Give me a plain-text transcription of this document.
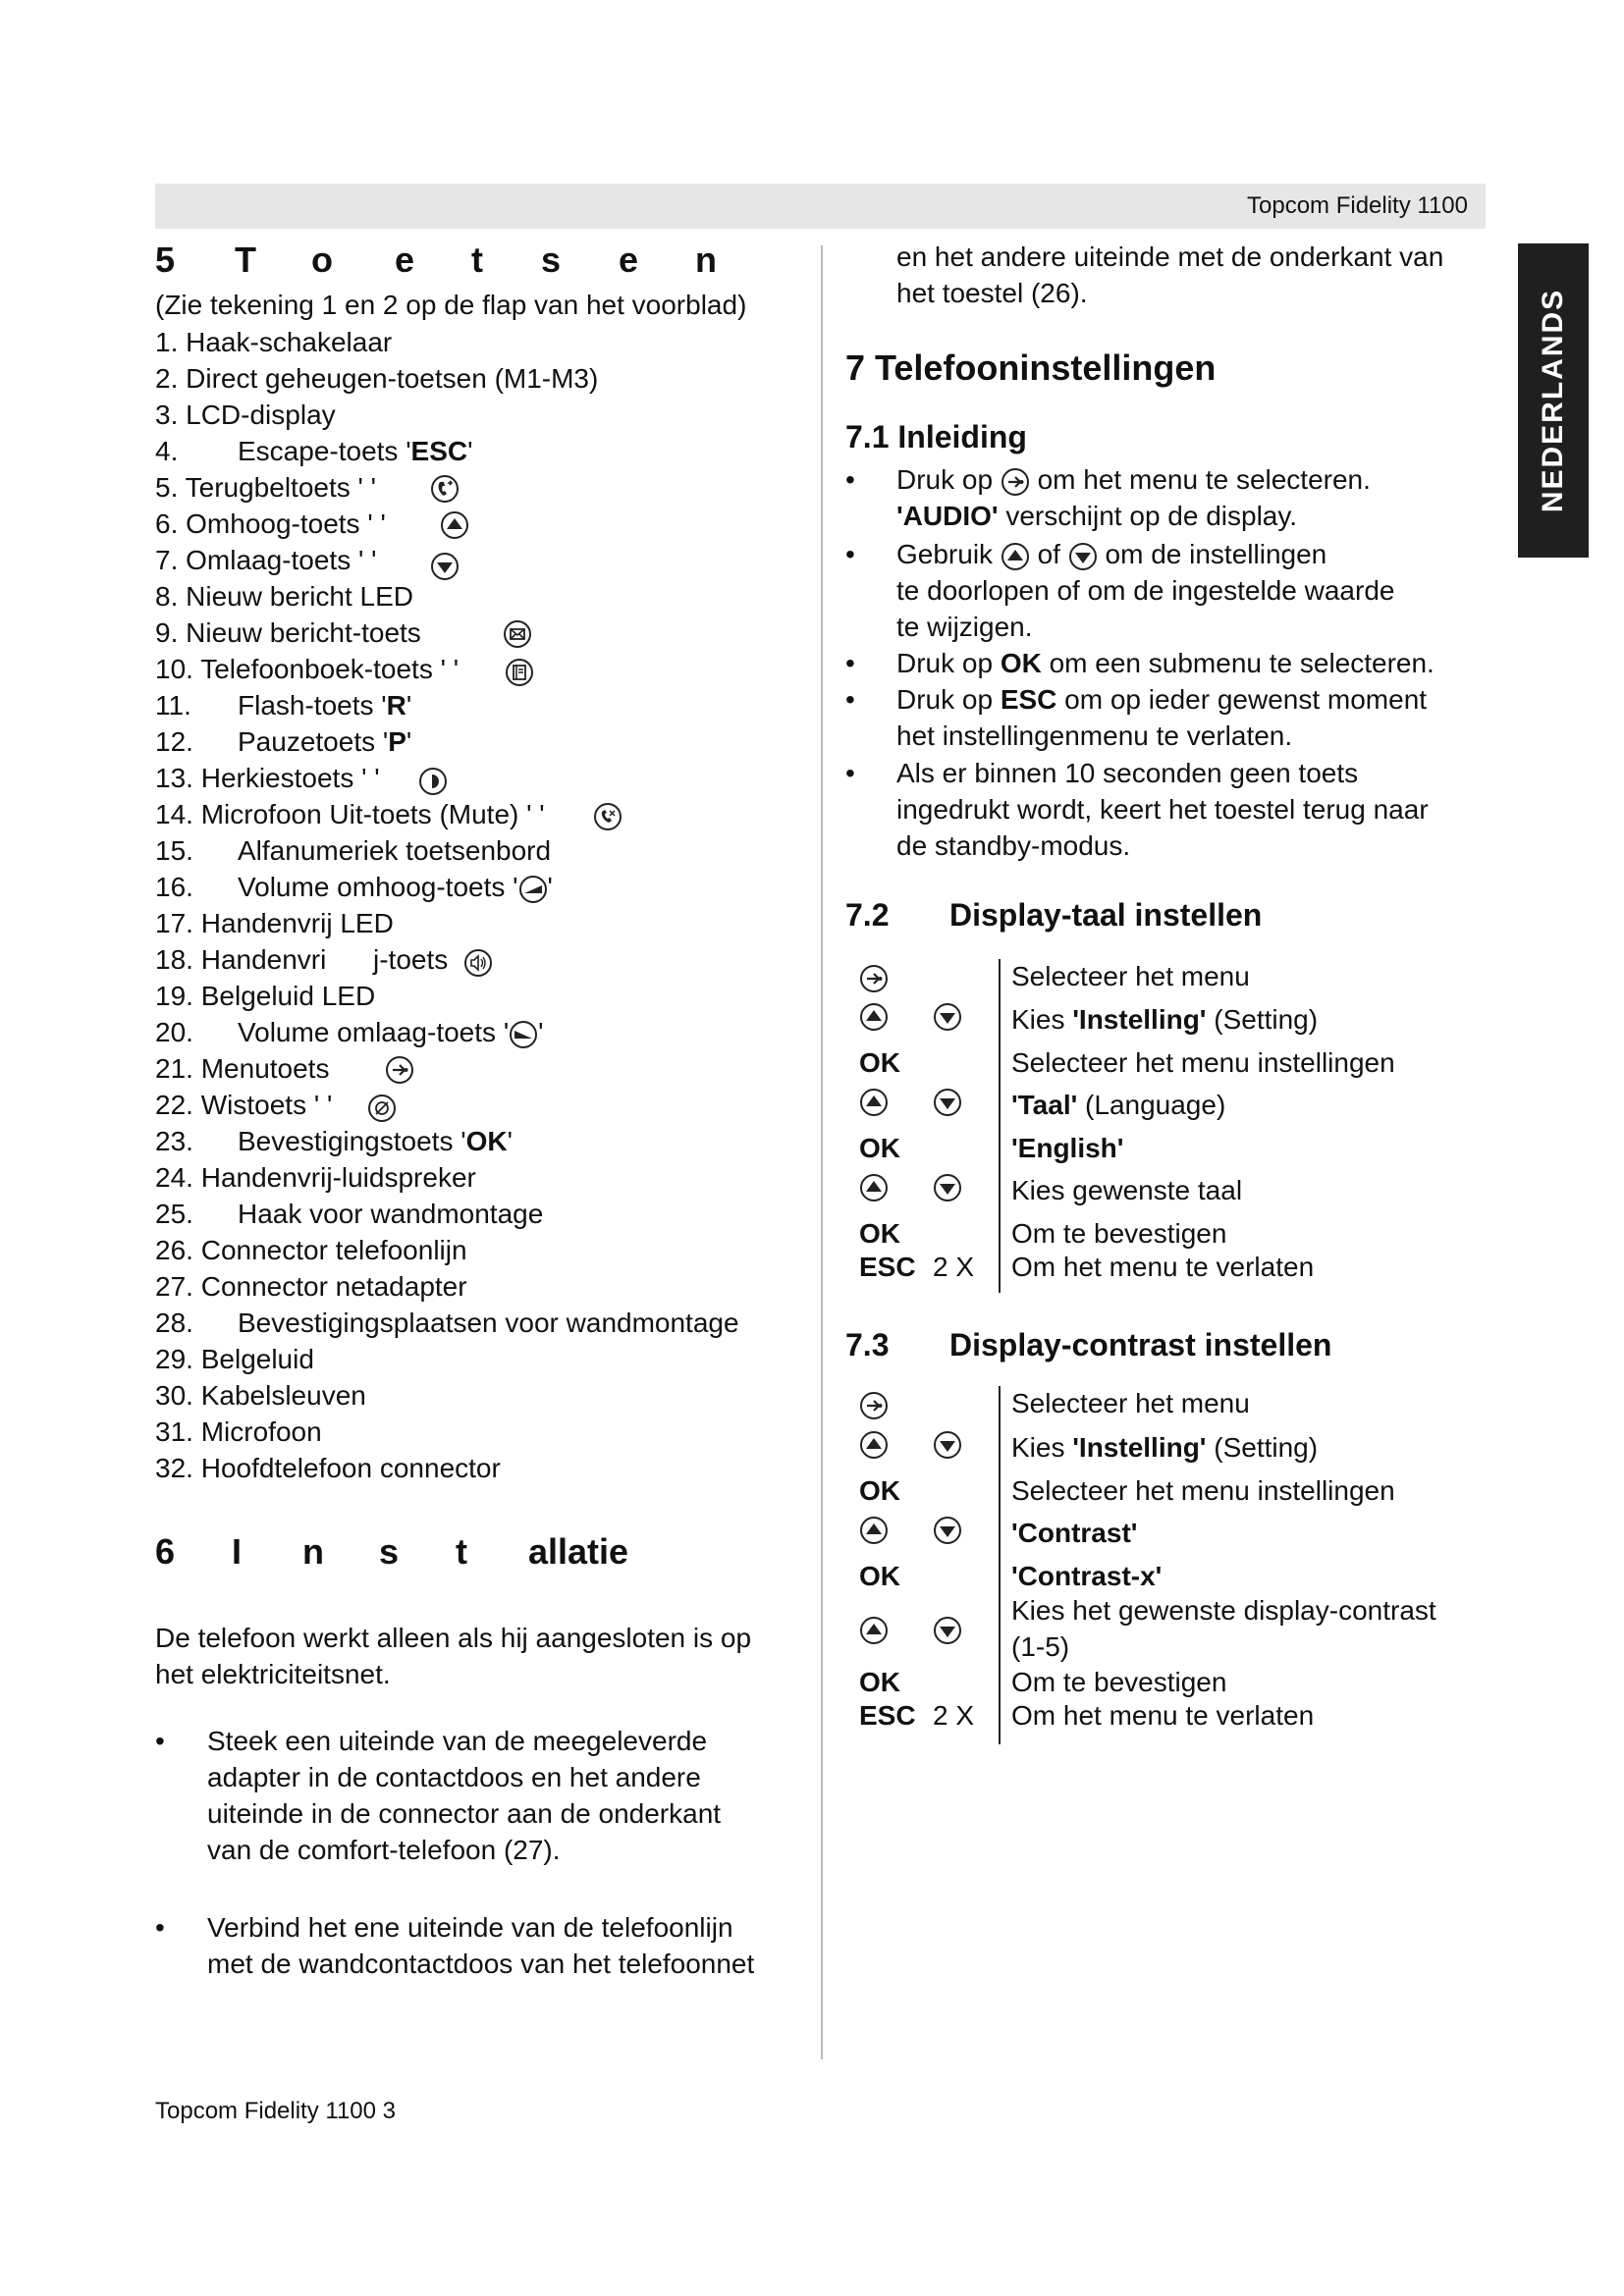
Topcom Fidelity 1100
NEDERLANDS
5 T o e t s e n
(Zie tekening 1 en 2 op de flap van het voorblad)
1. Haak-schakelaar
2. Direct geheugen-toetsen (M1-M3)
3. LCD-display
4. Escape-toets 'ESC'
5. Terugbeltoets ' '
6. Omhoog-toets ' '
7. Omlaag-toets ' '
8. Nieuw bericht LED
9. Nieuw bericht-toets
10. Telefoonboek-toets ' '
11. Flash-toets 'R'
12. Pauzetoets 'P'
13. Herkiestoets ' '
14. Microfoon Uit-toets (Mute) ' '
15. Alfanumeriek toetsenbord
16. Volume omhoog-toets ' '
17. Handenvrij LED
18. Handenvri j-toets
19. Belgeluid LED
20. Volume omlaag-toets ' '
21. Menutoets
22. Wistoets ' '
23. Bevestigingstoets 'OK'
24. Handenvrij-luidspreker
25. Haak voor wandmontage
26. Connector telefoonlijn
27. Connector netadapter
28. Bevestigingsplaatsen voor wandmontage
29. Belgeluid
30. Kabelsleuven
31. Microfoon
32. Hoofdtelefoon connector
6 I n s t allatie
De telefoon werkt alleen als hij aangesloten is op
het elektriciteitsnet.
• Steek een uiteinde van de meegeleverde
adapter in de contactdoos en het andere
uiteinde in de connector aan de onderkant
van de comfort-telefoon (27).
• Verbind het ene uiteinde van de telefoonlijn
met de wandcontactdoos van het telefoonnet
en het andere uiteinde met de onderkant van
het toestel (26).
7 Telefooninstellingen
7.1 Inleiding
• Druk op om het menu te selecteren.
'AUDIO' verschijnt op de display.
• Gebruik of om de instellingen
te doorlopen of om de ingestelde waarde
te wijzigen.
• Druk op OK om een submenu te selecteren.
• Druk op ESC om op ieder gewenst moment
het instellingenmenu te verlaten.
• Als er binnen 10 seconden geen toets
ingedrukt wordt, keert het toestel terug naar
de standby-modus.
7.2 Display-taal instellen
Selecteer het menu
Kies 'Instelling' (Setting)
OK	Selecteer het menu instellingen
'Taal' (Language)
OK	'English'
Kies gewenste taal
OK	Om te bevestigen
ESC 2 X Om het menu te verlaten
7.3 Display-contrast instellen
Selecteer het menu
Kies 'Instelling' (Setting)
OK	Selecteer het menu instellingen
'Contrast'
OK	'Contrast-x'
Kies het gewenste display-contrast
(1-5)
OK	Om te bevestigen
ESC 2 X Om het menu te verlaten
Topcom Fidelity 1100 3
